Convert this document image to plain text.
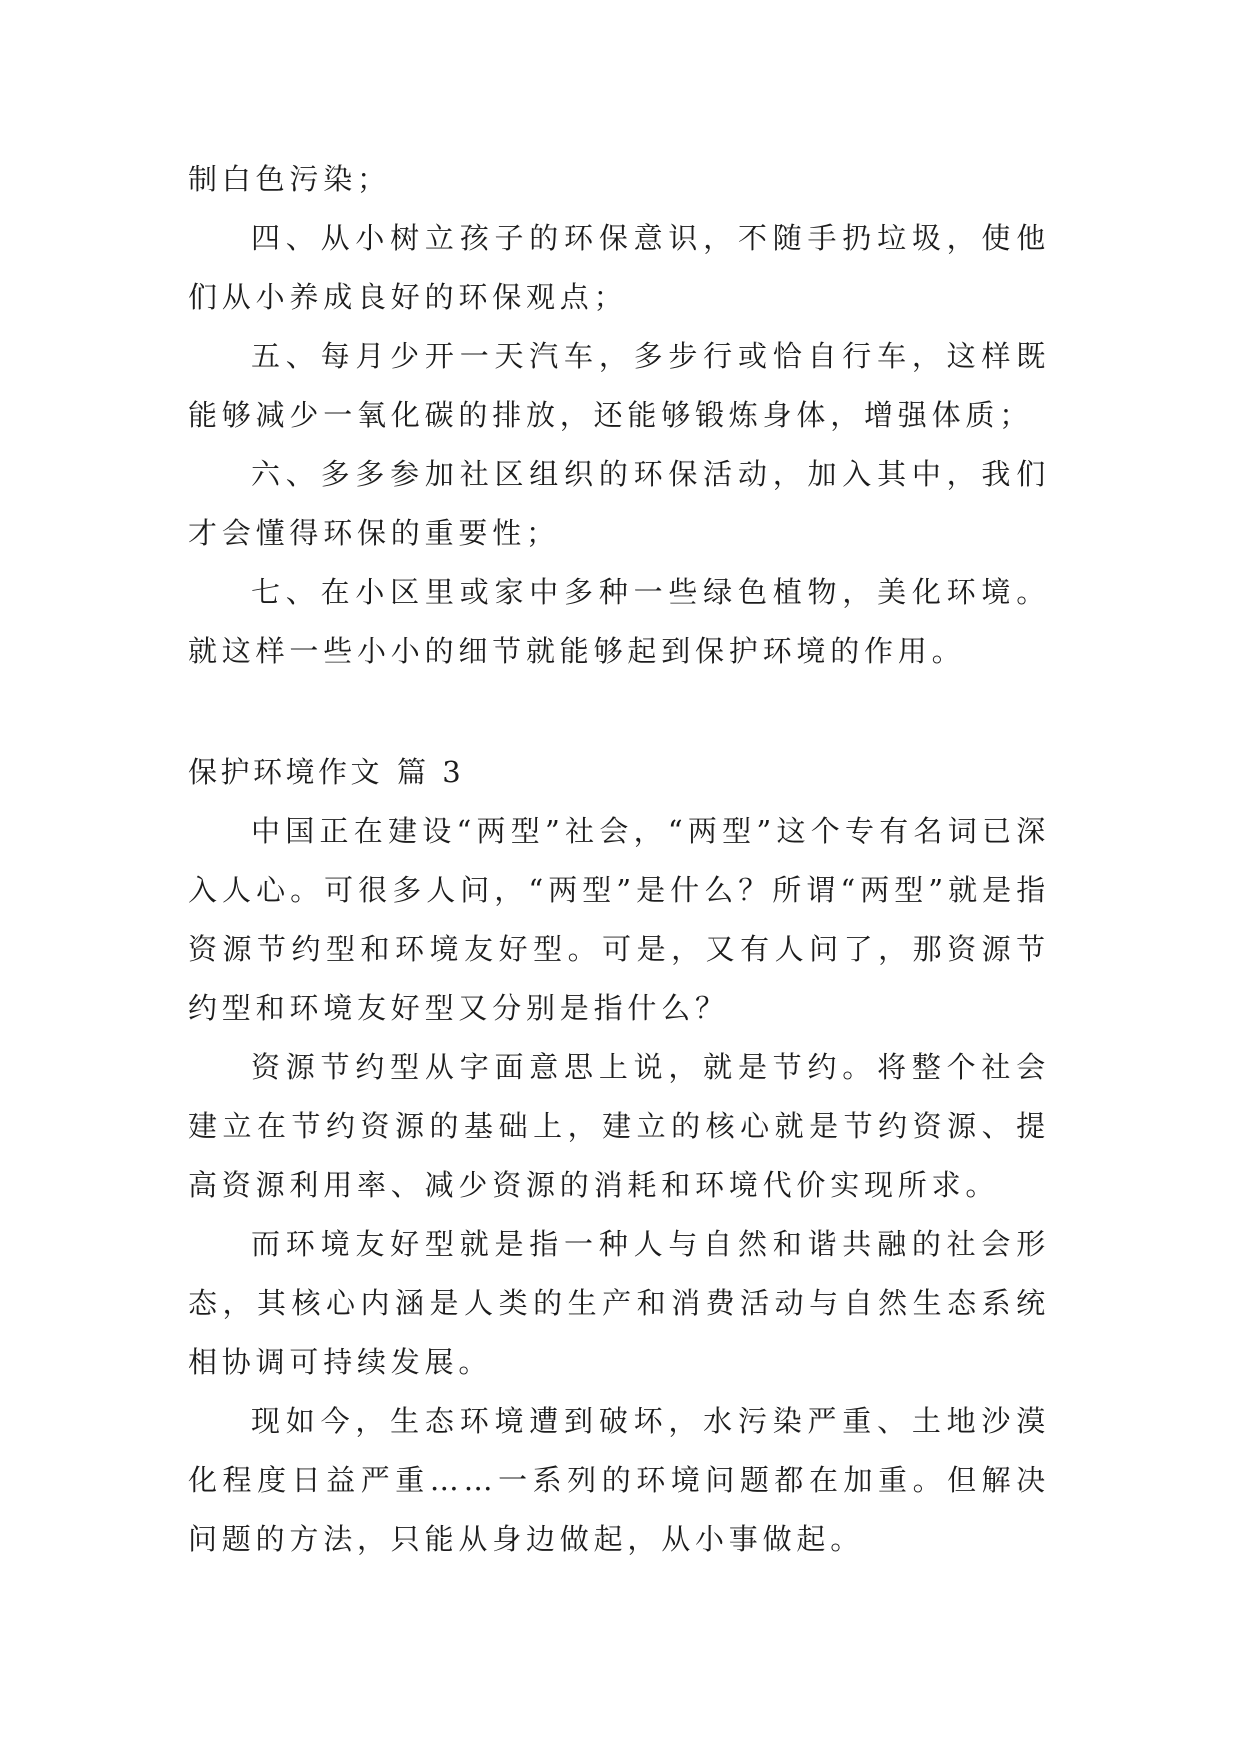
制白色污染；

四、从小树立孩子的环保意识，不随手扔垃圾，使他们从小养成良好的环保观点；

五、每月少开一天汽车，多步行或恰自行车，这样既能够减少一氧化碳的排放，还能够锻炼身体，增强体质；

六、多多参加社区组织的环保活动，加入其中，我们才会懂得环保的重要性；

七、在小区里或家中多种一些绿色植物，美化环境。就这样一些小小的细节就能够起到保护环境的作用。

保护环境作文 篇 3

中国正在建设“两型”社会，“两型”这个专有名词已深入人心。可很多人问，“两型”是什么？所谓“两型”就是指资源节约型和环境友好型。可是，又有人问了，那资源节约型和环境友好型又分别是指什么？

资源节约型从字面意思上说，就是节约。将整个社会建立在节约资源的基础上，建立的核心就是节约资源、提高资源利用率、减少资源的消耗和环境代价实现所求。

而环境友好型就是指一种人与自然和谐共融的社会形态，其核心内涵是人类的生产和消费活动与自然生态系统相协调可持续发展。

现如今，生态环境遭到破坏，水污染严重、土地沙漠化程度日益严重……一系列的环境问题都在加重。但解决问题的方法，只能从身边做起，从小事做起。
